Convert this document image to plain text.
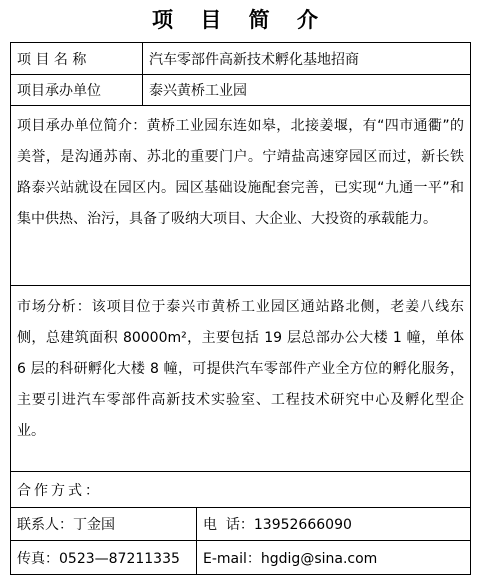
项 目 简 介
项 目 名 称	汽车零部件高新技术孵化基地招商	
项目承办单位	泰兴黄桥工业园	
项目承办单位简介：黄桥工业园东连如皋，北接姜堰，有“四市通衢”的美誉，是沟通苏南、苏北的重要门户。宁靖盐高速穿园区而过，新长铁路泰兴站就设在园区内。园区基础设施配套完善，已实现“九通一平”和集中供热、治污，具备了吸纳大项目、大企业、大投资的承载能力。		
市场分析：该项目位于泰兴市黄桥工业园区通站路北侧，老姜八线东侧，总建筑面积 80000m²，主要包括 19 层总部办公大楼 1 幢，单体 6 层的科研孵化大楼 8 幢，可提供汽车零部件产业全方位的孵化服务，主要引进汽车零部件高新技术实验室、工程技术研究中心及孵化型企业。		
合作方式：		
联系人：丁金国		电  话：13952666090
传真：0523—87211335		E-mail：hgdig@sina.com
